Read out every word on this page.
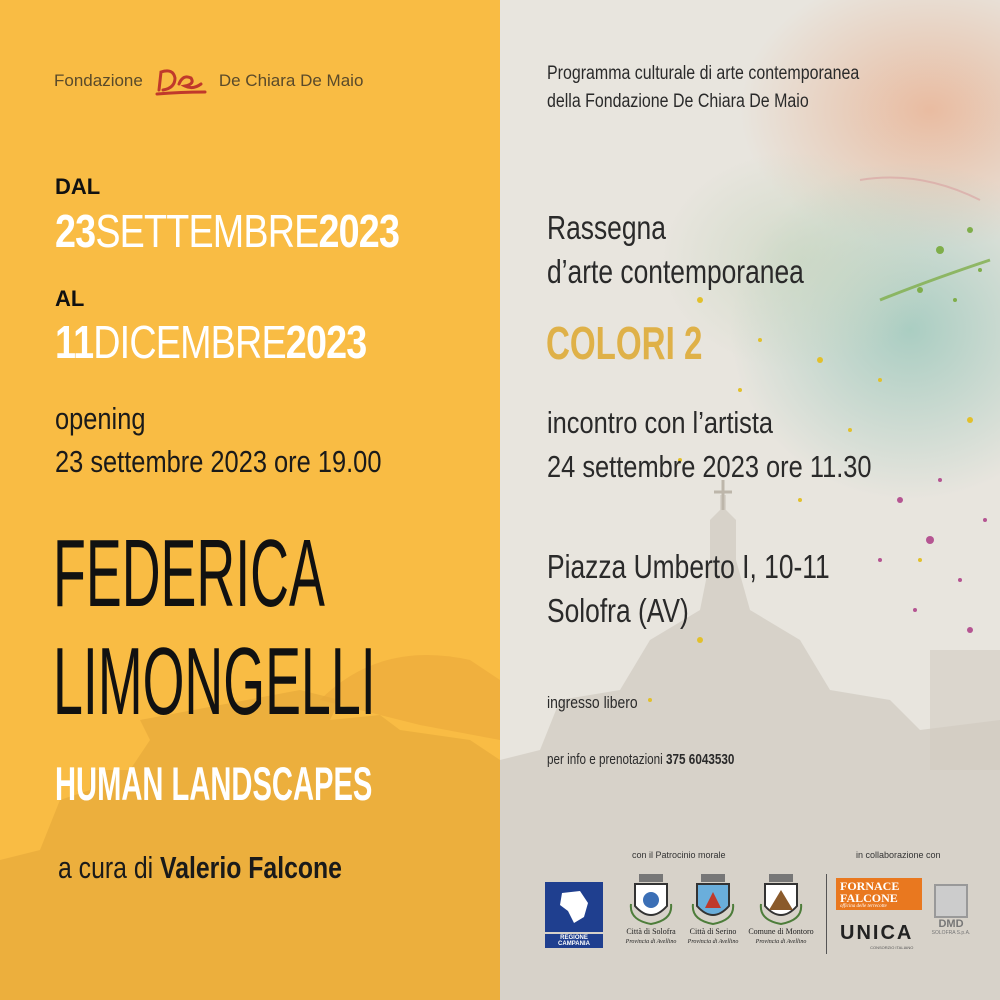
Fondazione	De Chiara De Maio
DAL
23SETTEMBRE2023
AL
11DICEMBRE2023
opening
23 settembre 2023 ore 19.00
FEDERICA
LIMONGELLI
HUMAN LANDSCAPES
a cura di Valerio Falcone
Programma culturale di arte contemporanea
della Fondazione De Chiara De Maio
Rassegna
d’arte contemporanea
COLORI 2
incontro con l’artista
24 settembre 2023 ore 11.30
Piazza Umberto I, 10-11
Solofra (AV)
ingresso libero
per info e prenotazioni 375 6043530
con il Patrocinio morale	in collaborazione con
REGIONE CAMPANIA
Città di Solofra
Provincia di Avellino
Città di Serino
Provincia di Avellino
Comune di Montoro
Provincia di Avellino
FORNACE
FALCONE
officina delle terrecotte
UNICA
CONSORZIO ITALIANO
DMD
SOLOFRA S.p.A.
